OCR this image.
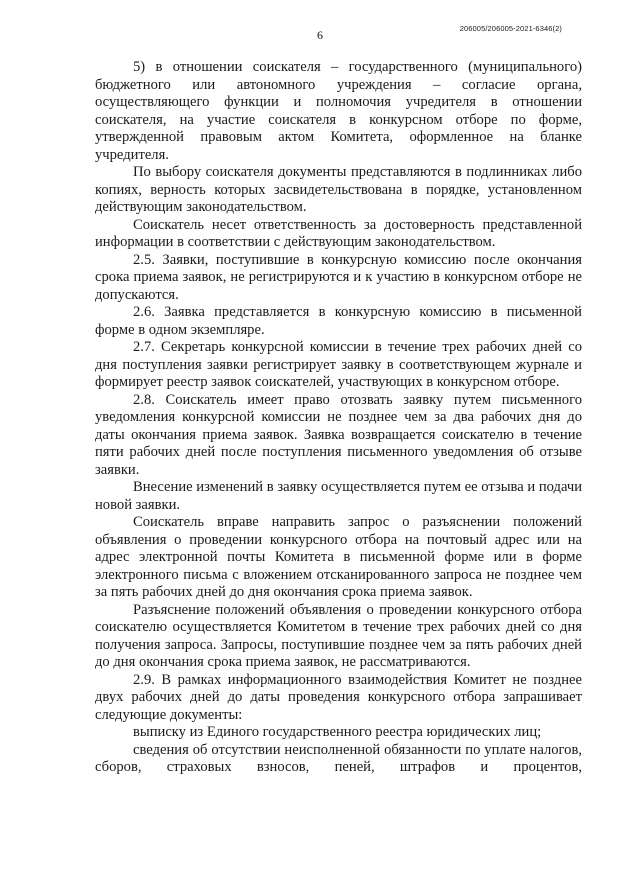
6	206005/206005-2021-6346(2)

5) в отношении соискателя – государственного (муниципального) бюджетного или автономного учреждения – согласие органа, осуществляющего функции и полномочия учредителя в отношении соискателя, на участие соискателя в конкурсном отборе по форме, утвержденной правовым актом Комитета, оформленное на бланке учредителя.

По выбору соискателя документы представляются в подлинниках либо копиях, верность которых засвидетельствована в порядке, установленном действующим законодательством.

Соискатель несет ответственность за достоверность представленной информации в соответствии с действующим законодательством.

2.5. Заявки, поступившие в конкурсную комиссию после окончания срока приема заявок, не регистрируются и к участию в конкурсном отборе не допускаются.

2.6. Заявка представляется в конкурсную комиссию в письменной форме в одном экземпляре.

2.7. Секретарь конкурсной комиссии в течение трех рабочих дней со дня поступления заявки регистрирует заявку в соответствующем журнале и формирует реестр заявок соискателей, участвующих в конкурсном отборе.

2.8. Соискатель имеет право отозвать заявку путем письменного уведомления конкурсной комиссии не позднее чем за два рабочих дня до даты окончания приема заявок. Заявка возвращается соискателю в течение пяти рабочих дней после поступления письменного уведомления об отзыве заявки.

Внесение изменений в заявку осуществляется путем ее отзыва и подачи новой заявки.

Соискатель вправе направить запрос о разъяснении положений объявления о проведении конкурсного отбора на почтовый адрес или на адрес электронной почты Комитета в письменной форме или в форме электронного письма с вложением отсканированного запроса не позднее чем за пять рабочих дней до дня окончания срока приема заявок.

Разъяснение положений объявления о проведении конкурсного отбора соискателю осуществляется Комитетом в течение трех рабочих дней со дня получения запроса. Запросы, поступившие позднее чем за пять рабочих дней до дня окончания срока приема заявок, не рассматриваются.

2.9. В рамках информационного взаимодействия Комитет не позднее двух рабочих дней до даты проведения конкурсного отбора запрашивает следующие документы:

выписку из Единого государственного реестра юридических лиц;

сведения об отсутствии неисполненной обязанности по уплате налогов, сборов, страховых взносов, пеней, штрафов и процентов,
